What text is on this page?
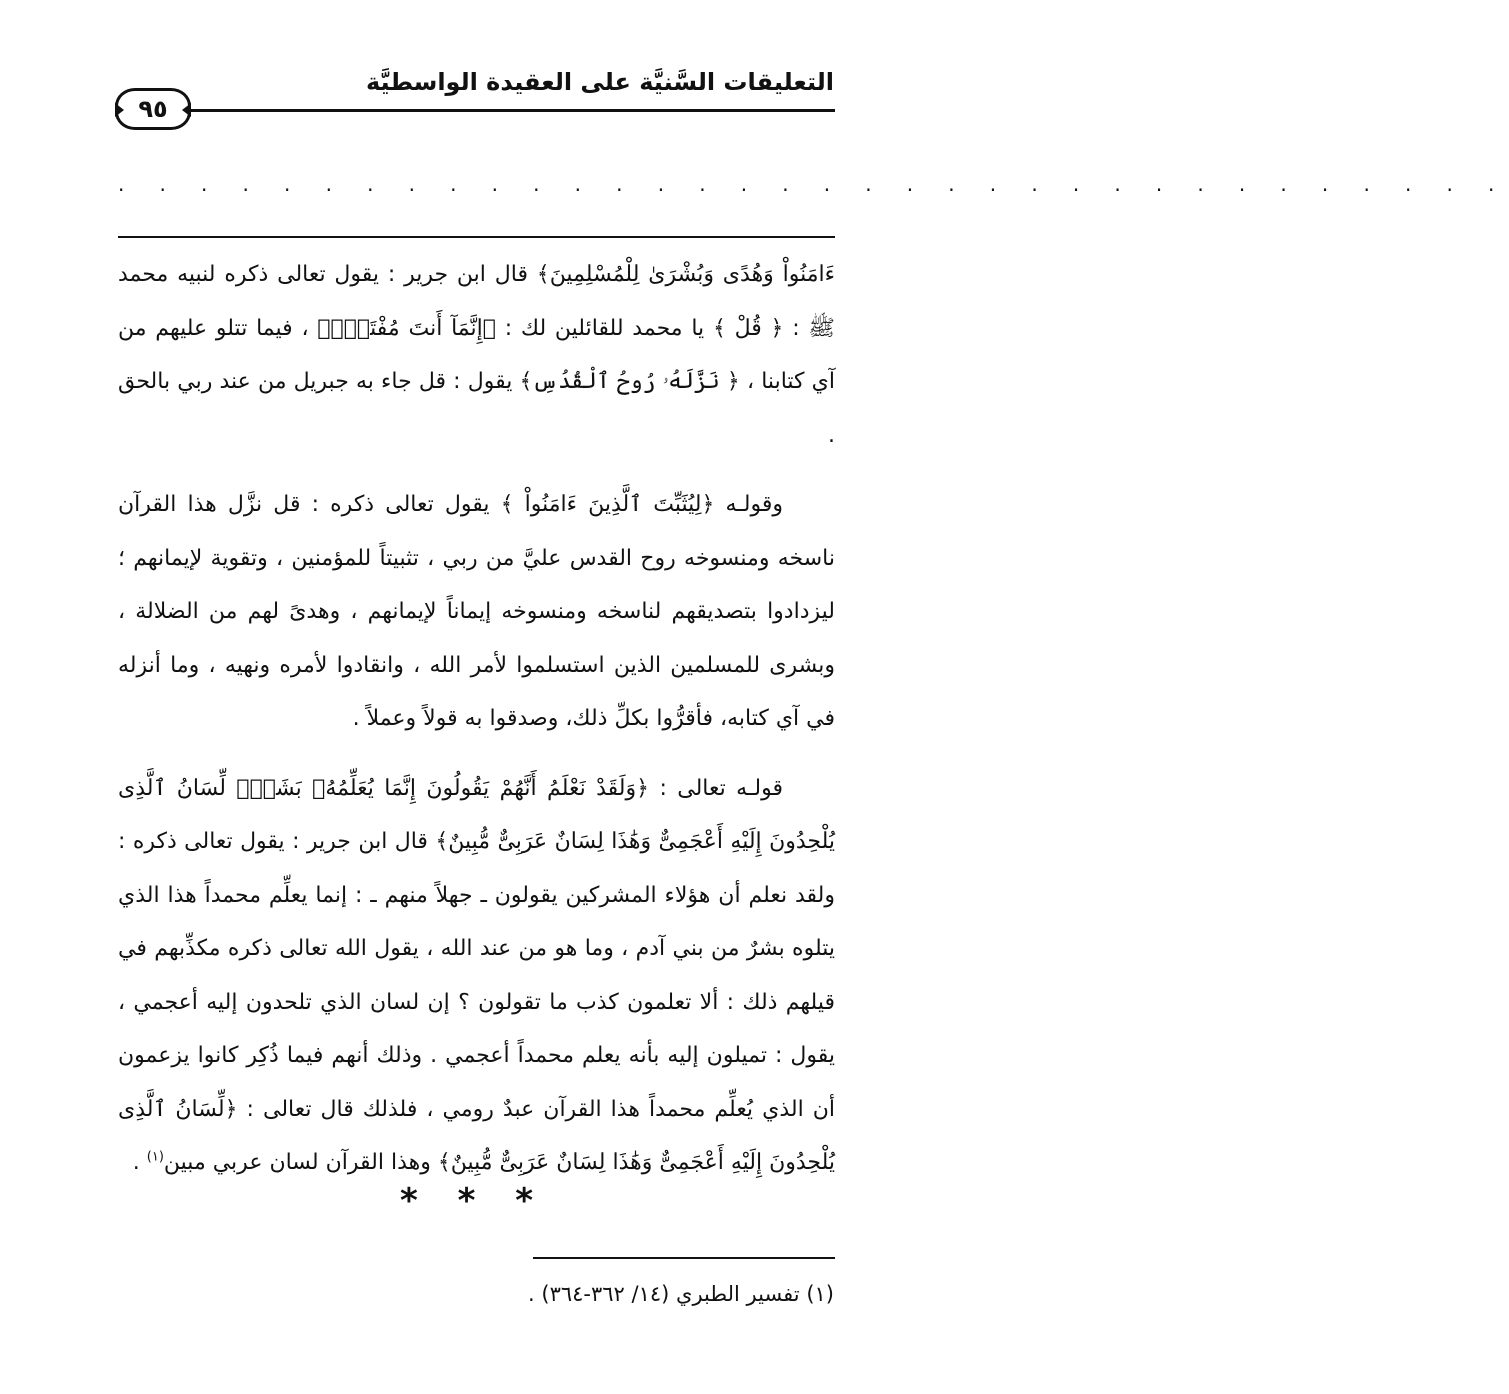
التعليقات السَّنيَّة على العقيدة الواسطيَّة
٩٥
. . . . . . . . . . . . . . . . . . . . . . . . . . . . . . . . . .

ءَامَنُواْ وَهُدًى وَبُشْرَىٰ لِلْمُسْلِمِينَ﴾ قال ابن جرير : يقول تعالى ذكره لنبيه محمد ﷺ : ﴿ قُلْ ﴾ يا محمد للقائلين لك : ﴿إِنَّمَآ أَنتَ مُفْتَرٍۭ﴾ ، فيما تتلو عليهم من آي كتابنا ، ﴿ نَزَّلَهُۥ رُوحُ ٱلْقُدُسِ﴾ يقول : قل جاء به جبريل من عند ربي بالحق .

وقولـه ﴿لِيُثَبِّتَ ٱلَّذِينَ ءَامَنُواْ ﴾ يقول تعالى ذكره : قل نزَّل هذا القرآن ناسخه ومنسوخه روح القدس عليَّ من ربي ، تثبيتاً للمؤمنين ، وتقوية لإيمانهم ؛ ليزدادوا بتصديقهم لناسخه ومنسوخه إيماناً لإيمانهم ، وهدىً لهم من الضلالة ، وبشرى للمسلمين الذين استسلموا لأمر الله ، وانقادوا لأمره ونهيه ، وما أنزله في آي كتابه، فأقرُّوا بكلِّ ذلك، وصدقوا به قولاً وعملاً .

قولـه تعالى : ﴿وَلَقَدْ نَعْلَمُ أَنَّهُمْ يَقُولُونَ إِنَّمَا يُعَلِّمُهُۥ بَشَرٌۗ لِّسَانُ ٱلَّذِى يُلْحِدُونَ إِلَيْهِ أَعْجَمِىٌّ وَهَٰذَا لِسَانٌ عَرَبِىٌّ مُّبِينٌ﴾ قال ابن جرير : يقول تعالى ذكره : ولقد نعلم أن هؤلاء المشركين يقولون ـ جهلاً منهم ـ : إنما يعلِّم محمداً هذا الذي يتلوه بشرٌ من بني آدم ، وما هو من عند الله ، يقول الله تعالى ذكره مكذِّبهم في قيلهم ذلك : ألا تعلمون كذب ما تقولون ؟ إن لسان الذي تلحدون إليه أعجمي ، يقول : تميلون إليه بأنه يعلم محمداً أعجمي . وذلك أنهم فيما ذُكِر كانوا يزعمون أن الذي يُعلِّم محمداً هذا القرآن عبدٌ رومي ، فلذلك قال تعالى : ﴿لِّسَانُ ٱلَّذِى يُلْحِدُونَ إِلَيْهِ أَعْجَمِىٌّ وَهَٰذَا لِسَانٌ عَرَبِىٌّ مُّبِينٌ﴾ وهذا القرآن لسان عربي مبين$^{(١)}$ .

* * *
(١) تفسير الطبري (١٤/ ٣٦٢-٣٦٤) .
